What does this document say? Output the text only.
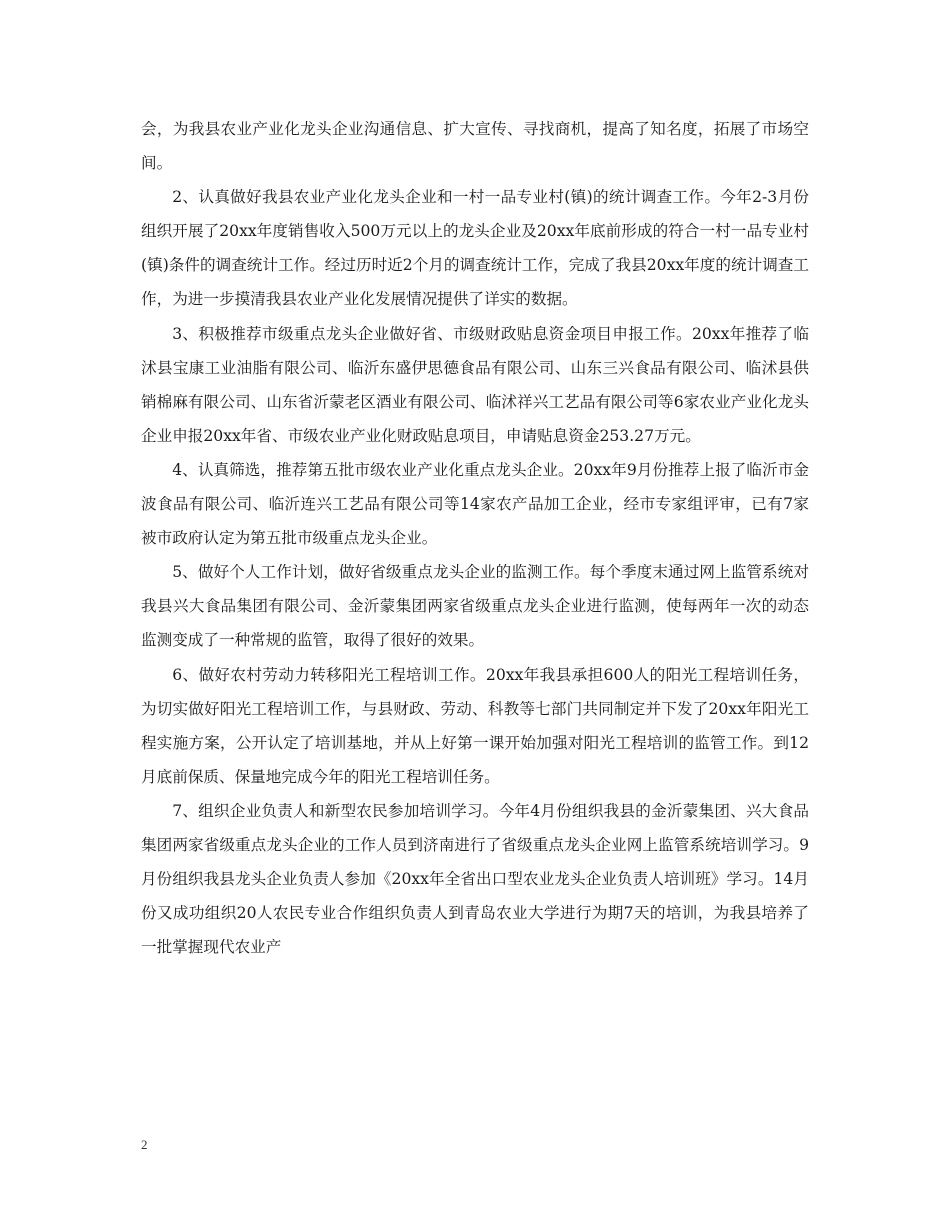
会，为我县农业产业化龙头企业沟通信息、扩大宣传、寻找商机，提高了知名度，拓展了市场空间。

2、认真做好我县农业产业化龙头企业和一村一品专业村(镇)的统计调查工作。今年2-3月份组织开展了20xx年度销售收入500万元以上的龙头企业及20xx年底前形成的符合一村一品专业村(镇)条件的调查统计工作。经过历时近2个月的调查统计工作，完成了我县20xx年度的统计调查工作，为进一步摸清我县农业产业化发展情况提供了详实的数据。

3、积极推荐市级重点龙头企业做好省、市级财政贴息资金项目申报工作。20xx年推荐了临沭县宝康工业油脂有限公司、临沂东盛伊思德食品有限公司、山东三兴食品有限公司、临沭县供销棉麻有限公司、山东省沂蒙老区酒业有限公司、临沭祥兴工艺品有限公司等6家农业产业化龙头企业申报20xx年省、市级农业产业化财政贴息项目，申请贴息资金253.27万元。

4、认真筛选，推荐第五批市级农业产业化重点龙头企业。20xx年9月份推荐上报了临沂市金波食品有限公司、临沂连兴工艺品有限公司等14家农产品加工企业，经市专家组评审，已有7家被市政府认定为第五批市级重点龙头企业。

5、做好个人工作计划，做好省级重点龙头企业的监测工作。每个季度末通过网上监管系统对我县兴大食品集团有限公司、金沂蒙集团两家省级重点龙头企业进行监测，使每两年一次的动态监测变成了一种常规的监管，取得了很好的效果。

6、做好农村劳动力转移阳光工程培训工作。20xx年我县承担600人的阳光工程培训任务，为切实做好阳光工程培训工作，与县财政、劳动、科教等七部门共同制定并下发了20xx年阳光工程实施方案，公开认定了培训基地，并从上好第一课开始加强对阳光工程培训的监管工作。到12月底前保质、保量地完成今年的阳光工程培训任务。

7、组织企业负责人和新型农民参加培训学习。今年4月份组织我县的金沂蒙集团、兴大食品集团两家省级重点龙头企业的工作人员到济南进行了省级重点龙头企业网上监管系统培训学习。9月份组织我县龙头企业负责人参加《20xx年全省出口型农业龙头企业负责人培训班》学习。14月份又成功组织20人农民专业合作组织负责人到青岛农业大学进行为期7天的培训，为我县培养了一批掌握现代农业产

2
